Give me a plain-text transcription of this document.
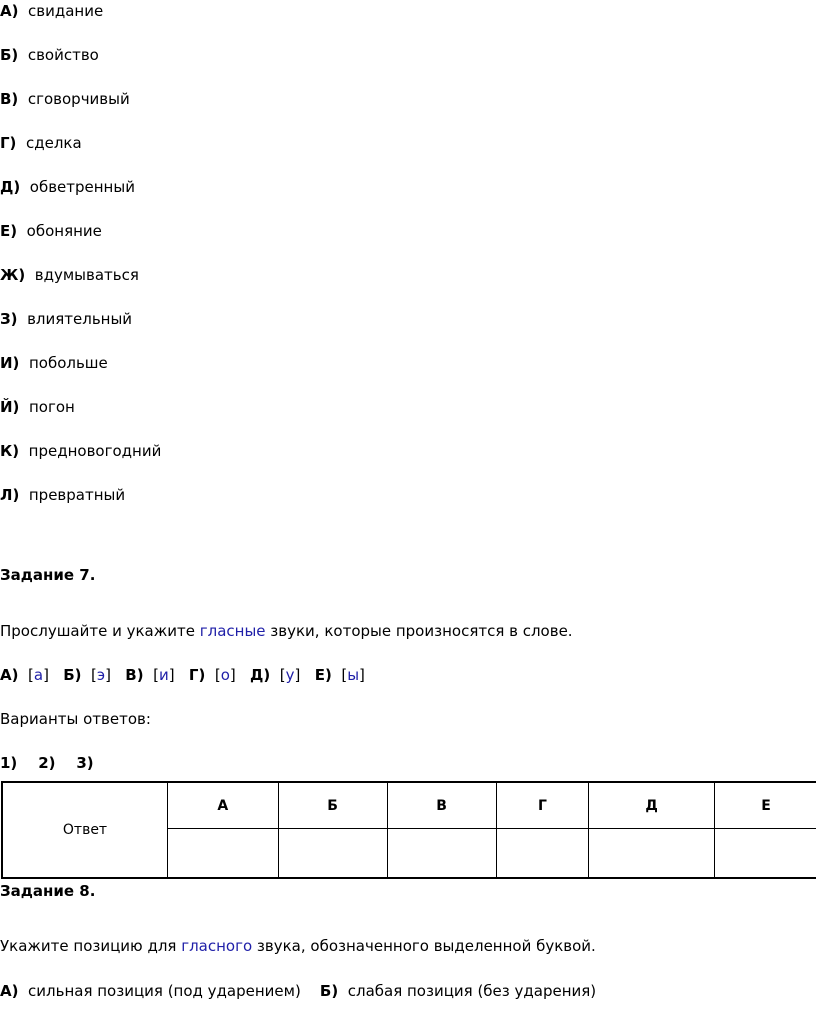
А) свидание
Б) свойство
В) сговорчивый
Г) сделка
Д) обветренный
Е) обоняние
Ж) вдумываться
З) влиятельный
И) побольше
Й) погон
К) предновогодний
Л) превратный
Задание 7.
Прослушайте и укажите гласные звуки, которые произносятся в слове.
А)  [а]   Б)  [э]   В)  [и]   Г)  [о]   Д)  [у]   Е)  [ы]
Варианты ответов:
1) 2) 3)
Ответ	А	Б	В	Г	Д	Е

Задание 8.
Укажите позицию для гласного звука, обозначенного выделенной буквой.
А) сильная позиция (под ударением) Б) слабая позиция (без ударения)
